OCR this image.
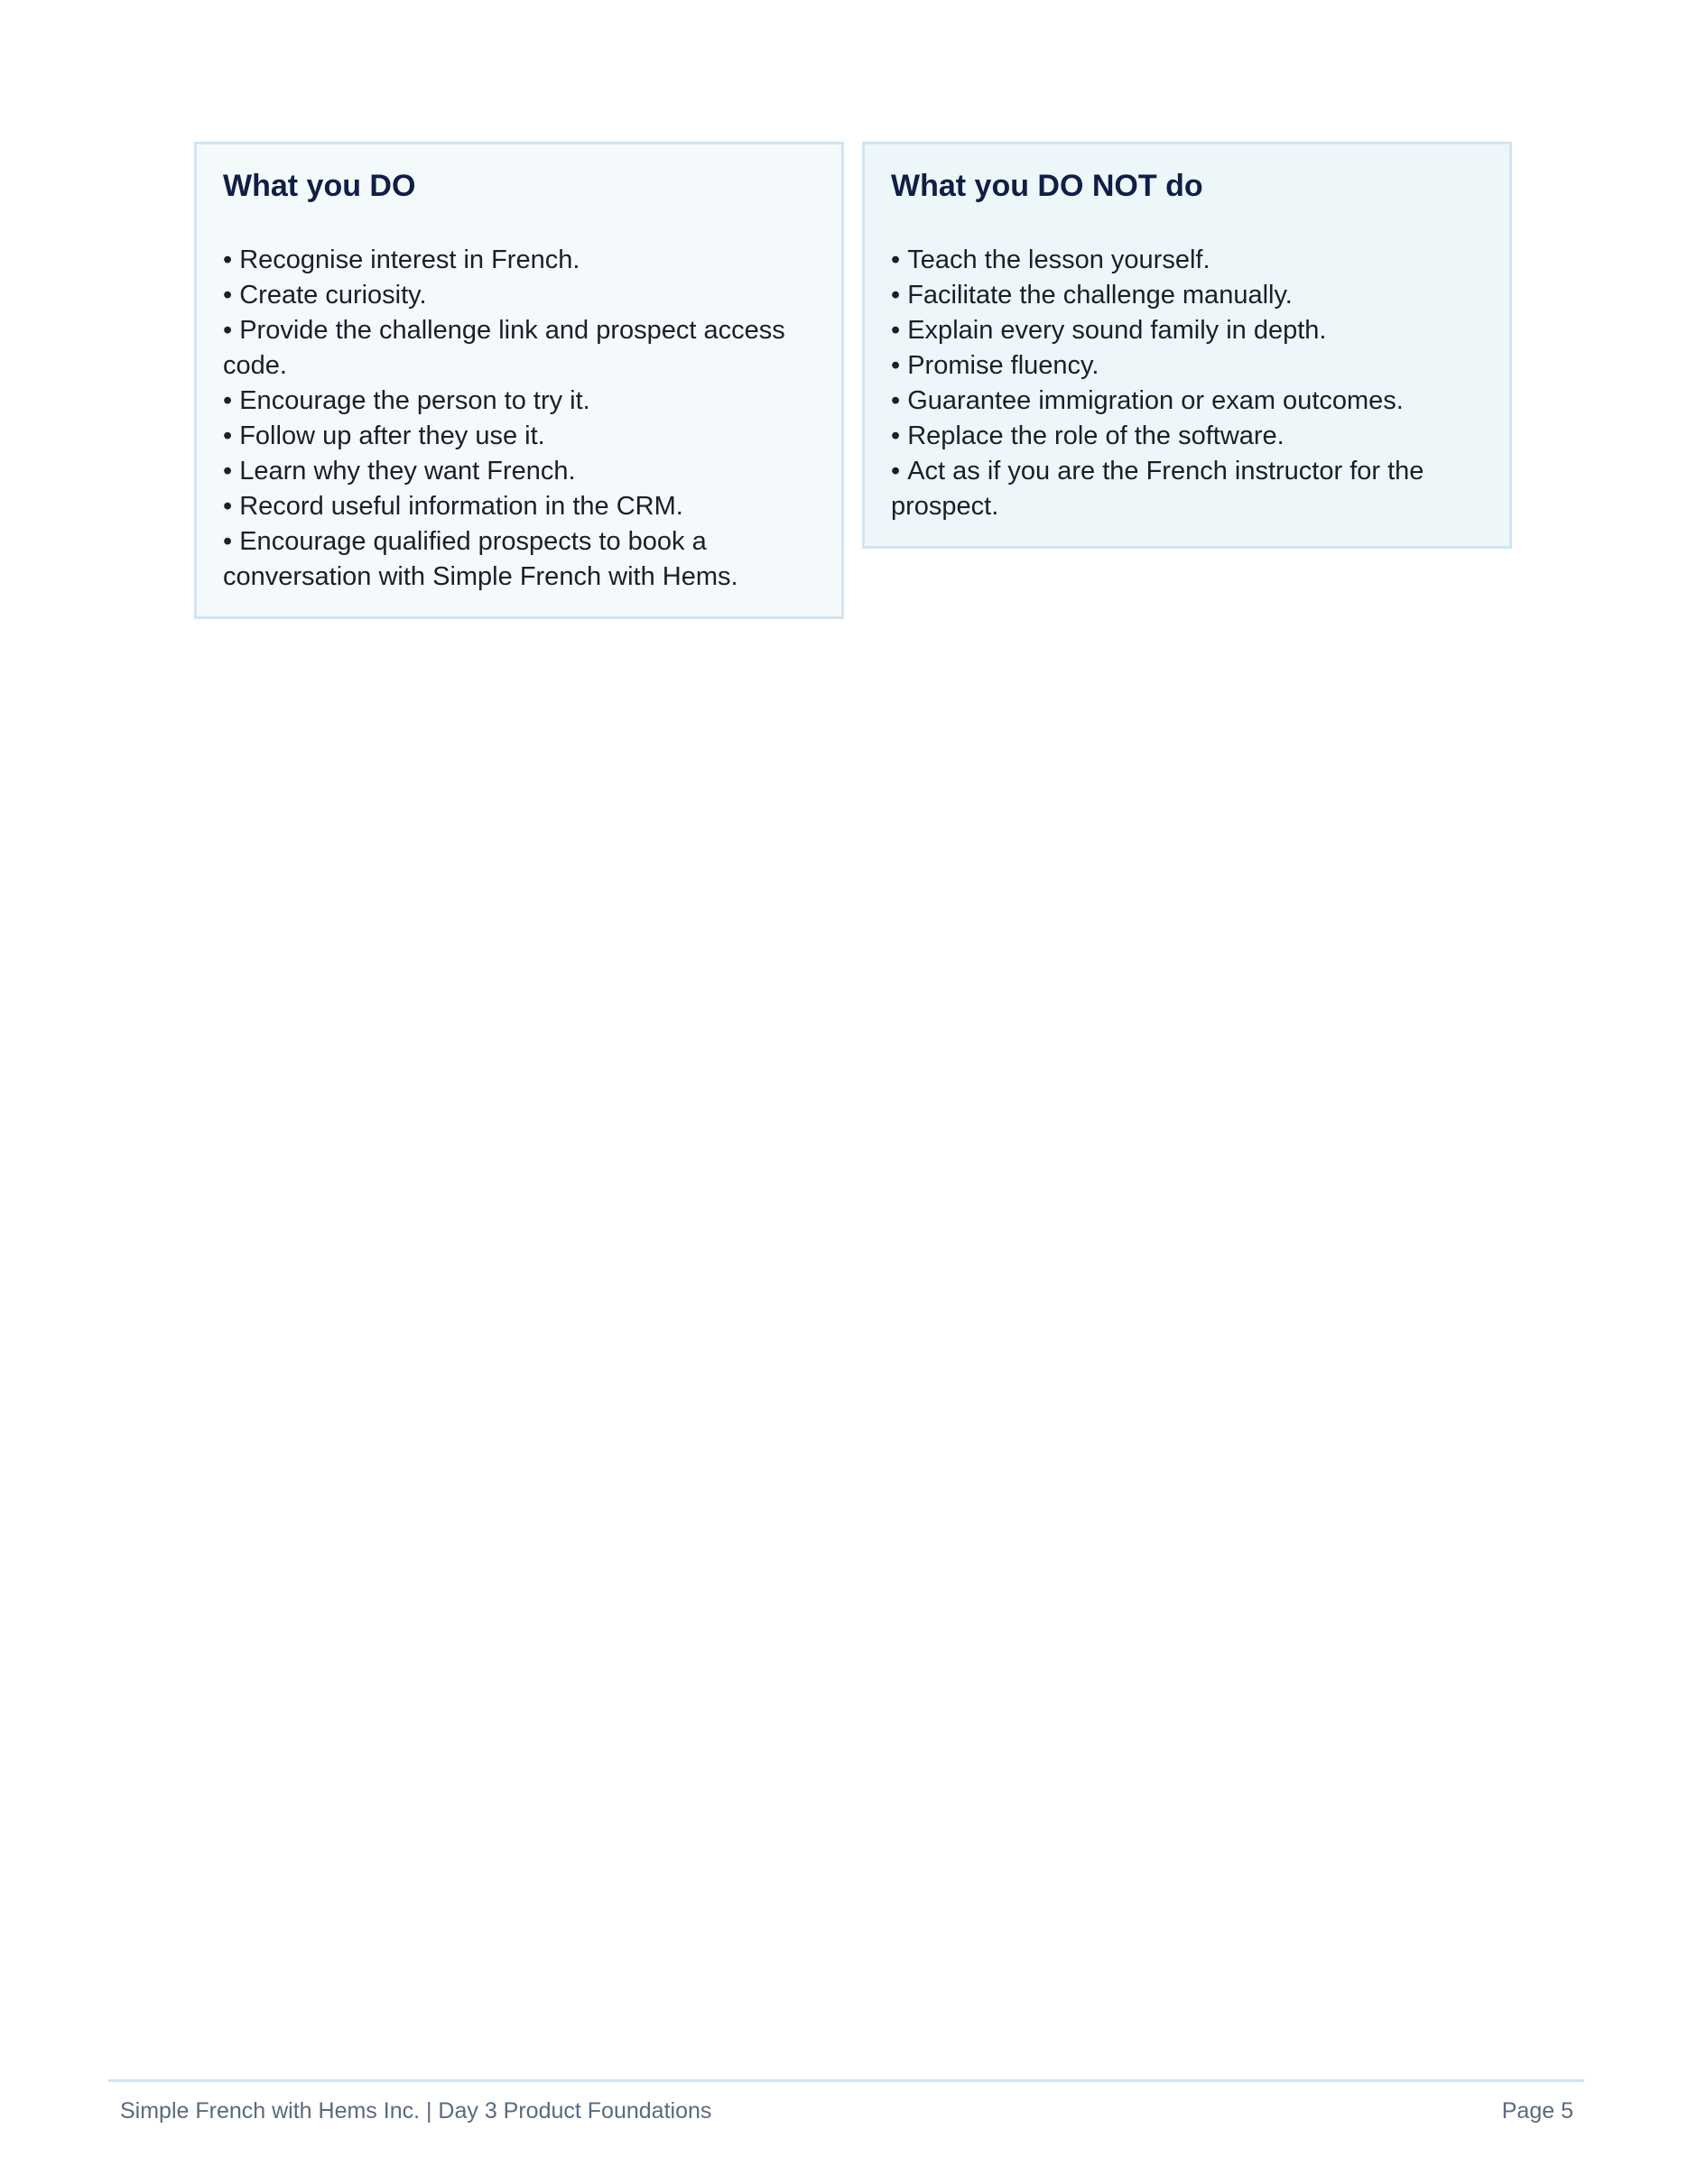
What you DO
• Recognise interest in French.
• Create curiosity.
• Provide the challenge link and prospect access code.
• Encourage the person to try it.
• Follow up after they use it.
• Learn why they want French.
• Record useful information in the CRM.
• Encourage qualified prospects to book a conversation with Simple French with Hems.
What you DO NOT do
• Teach the lesson yourself.
• Facilitate the challenge manually.
• Explain every sound family in depth.
• Promise fluency.
• Guarantee immigration or exam outcomes.
• Replace the role of the software.
• Act as if you are the French instructor for the prospect.
Simple French with Hems Inc. | Day 3 Product Foundations	Page 5
